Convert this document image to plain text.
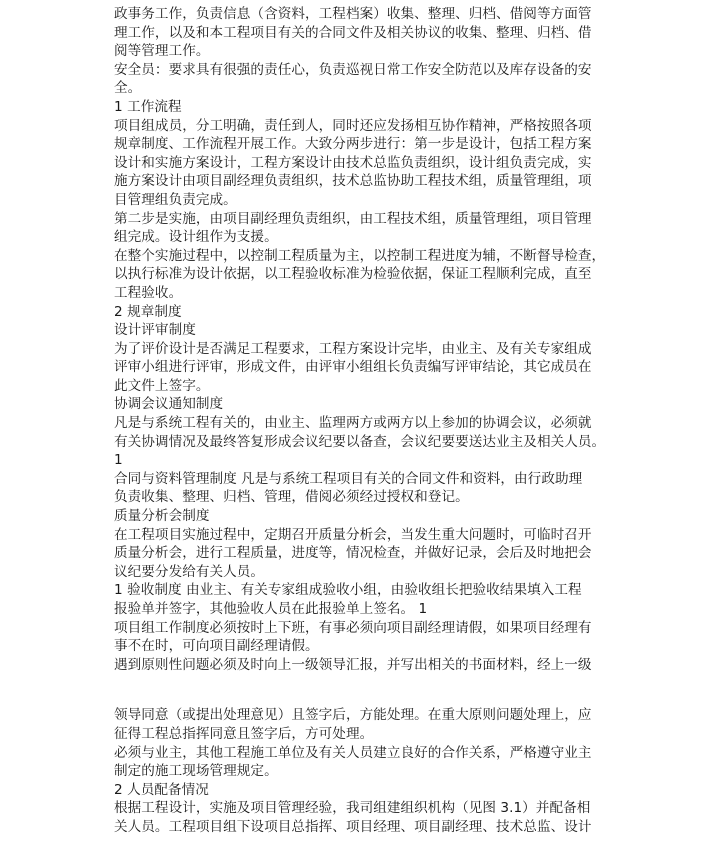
政事务工作，负责信息（含资料，工程档案）收集、整理、归档、借阅等方面管
理工作，以及和本工程项目有关的合同文件及相关协议的收集、整理、归档、借
阅等管理工作。
安全员：要求具有很强的责任心，负责巡视日常工作安全防范以及库存设备的安
全。
1 工作流程
项目组成员，分工明确，责任到人，同时还应发扬相互协作精神，严格按照各项
规章制度、工作流程开展工作。大致分两步进行：第一步是设计，包括工程方案
设计和实施方案设计，工程方案设计由技术总监负责组织，设计组负责完成，实
施方案设计由项目副经理负责组织，技术总监协助工程技术组，质量管理组，项
目管理组负责完成。
第二步是实施，由项目副经理负责组织，由工程技术组，质量管理组，项目管理
组完成。设计组作为支援。
在整个实施过程中，以控制工程质量为主，以控制工程进度为辅，不断督导检查，
以执行标准为设计依据，以工程验收标准为检验依据，保证工程顺利完成，直至
工程验收。
2 规章制度
设计评审制度
为了评价设计是否满足工程要求，工程方案设计完毕，由业主、及有关专家组成
评审小组进行评审，形成文件，由评审小组组长负责编写评审结论，其它成员在
此文件上签字。
协调会议通知制度
凡是与系统工程有关的，由业主、监理两方或两方以上参加的协调会议，必须就
有关协调情况及最终答复形成会议纪要以备查，会议纪要要送达业主及相关人员。
1
合同与资料管理制度 凡是与系统工程项目有关的合同文件和资料，由行政助理
负责收集、整理、归档、管理，借阅必须经过授权和登记。
质量分析会制度
在工程项目实施过程中，定期召开质量分析会，当发生重大问题时，可临时召开
质量分析会，进行工程质量，进度等，情况检查，并做好记录，会后及时地把会
议纪要分发给有关人员。
1 验收制度 由业主、有关专家组成验收小组，由验收组长把验收结果填入工程
报验单并签字，其他验收人员在此报验单上签名。 1
项目组工作制度必须按时上下班，有事必须向项目副经理请假，如果项目经理有
事不在时，可向项目副经理请假。
遇到原则性问题必须及时向上一级领导汇报，并写出相关的书面材料，经上一级
领导同意（或提出处理意见）且签字后，方能处理。在重大原则问题处理上，应
征得工程总指挥同意且签字后，方可处理。
必须与业主，其他工程施工单位及有关人员建立良好的合作关系，严格遵守业主
制定的施工现场管理规定。
2 人员配备情况
根据工程设计，实施及项目管理经验，我司组建组织机构（见图 3.1）并配备相
关人员。工程项目组下设项目总指挥、项目经理、项目副经理、技术总监、设计
